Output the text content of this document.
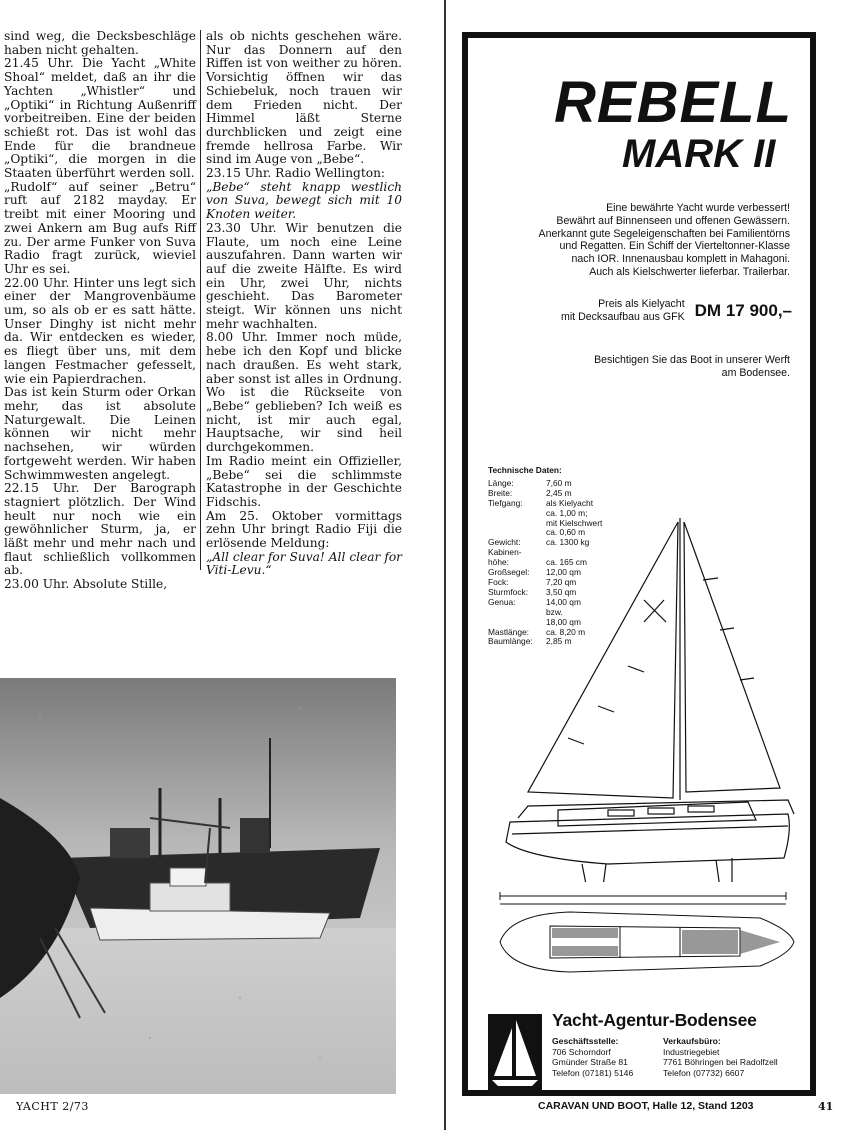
sind weg, die Decksbeschläge haben nicht gehalten.

21.45 Uhr. Die Yacht „White Shoal“ meldet, daß an ihr die Yachten „Whistler“ und „Optiki“ in Richtung Außenriff vorbeitreiben. Eine der beiden schießt rot. Das ist wohl das Ende für die brandneue „Optiki“, die morgen in die Staaten überführt werden soll.

„Rudolf“ auf seiner „Betru“ ruft auf 2182 mayday. Er treibt mit einer Mooring und zwei Ankern am Bug aufs Riff zu. Der arme Funker von Suva Radio fragt zurück, wieviel Uhr es sei.

22.00 Uhr. Hinter uns legt sich einer der Mangrovenbäume um, so als ob er es satt hätte. Unser Dinghy ist nicht mehr da. Wir entdecken es wieder, es fliegt über uns, mit dem langen Festmacher gefesselt, wie ein Papierdrachen.

Das ist kein Sturm oder Orkan mehr, das ist absolute Naturgewalt. Die Leinen können wir nicht mehr nachsehen, wir würden fortgeweht werden. Wir haben Schwimmwesten angelegt.

22.15 Uhr. Der Barograph stagniert plötzlich. Der Wind heult nur noch wie ein gewöhnlicher Sturm, ja, er läßt mehr und mehr nach und flaut schließlich vollkommen ab.

23.00 Uhr. Absolute Stille,

als ob nichts geschehen wäre. Nur das Donnern auf den Riffen ist von weither zu hören. Vorsichtig öffnen wir das Schiebeluk, noch trauen wir dem Frieden nicht. Der Himmel läßt Sterne durchblicken und zeigt eine fremde hellrosa Farbe. Wir sind im Auge von „Bebe“.

23.15 Uhr. Radio Wellington:

„Bebe“ steht knapp westlich von Suva, bewegt sich mit 10 Knoten weiter.

23.30 Uhr. Wir benutzen die Flaute, um noch eine Leine auszufahren. Dann warten wir auf die zweite Hälfte. Es wird ein Uhr, zwei Uhr, nichts geschieht. Das Barometer steigt. Wir können uns nicht mehr wachhalten.

8.00 Uhr. Immer noch müde, hebe ich den Kopf und blicke nach draußen. Es weht stark, aber sonst ist alles in Ordnung. Wo ist die Rückseite von „Bebe“ geblieben? Ich weiß es nicht, ist mir auch egal, Hauptsache, wir sind heil durchgekommen.

Im Radio meint ein Offizieller, „Bebe“ sei die schlimmste Katastrophe in der Geschichte Fidschis.

Am 25. Oktober vormittags zehn Uhr bringt Radio Fiji die erlösende Meldung:

„All clear for Suva! All clear for Viti-Levu.“

YACHT 2/73	CARAVAN UND BOOT, Halle 12, Stand 1203	41
REBELL
MARK II
Eine bewährte Yacht wurde verbessert!
Bewährt auf Binnenseen und offenen Gewässern.
Anerkannt gute Segeleigenschaften bei Familientörns
und Regatten. Ein Schiff der Vierteltonner-Klasse
nach IOR. Innenausbau komplett in Mahagoni.
Auch als Kielschwerter lieferbar. Trailerbar.
Preis als Kielyacht
mit Decksaufbau aus GFK DM 17 900,–
Besichtigen Sie das Boot in unserer Werft
am Bodensee.
Technische Daten:
Länge:	7,60 m
Breite:	2,45 m
Tiefgang:	als Kielyacht
ca. 1,00 m;
mit Kielschwert
ca. 0,60 m
Gewicht:	ca. 1300 kg
Kabinen-
höhe:	ca. 165 cm
Großsegel:	12,00 qm
Fock:	7,20 qm
Sturmfock:	3,50 qm
Genua:	14,00 qm
bzw.
18,00 qm
Mastlänge:	ca. 8,20 m
Baumlänge:	2,85 m
Yacht-Agentur-Bodensee
Geschäftsstelle:
706 Schorndorf
Gmünder Straße 81
Telefon (07181) 5146
Verkaufsbüro:
Industriegebiet
7761 Böhringen bei Radolfzell
Telefon (07732) 6607
